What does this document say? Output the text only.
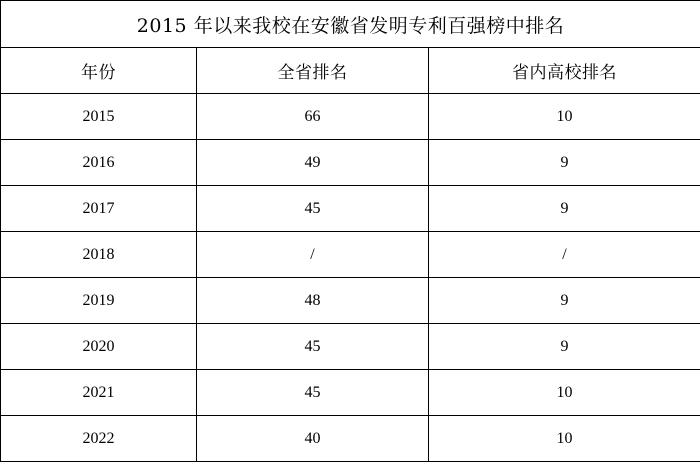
2015 年以来我校在安徽省发明专利百强榜中排名		
年份	全省排名	省内高校排名
2015	66	10
2016	49	9
2017	45	9
2018	/	/
2019	48	9
2020	45	9
2021	45	10
2022	40	10
